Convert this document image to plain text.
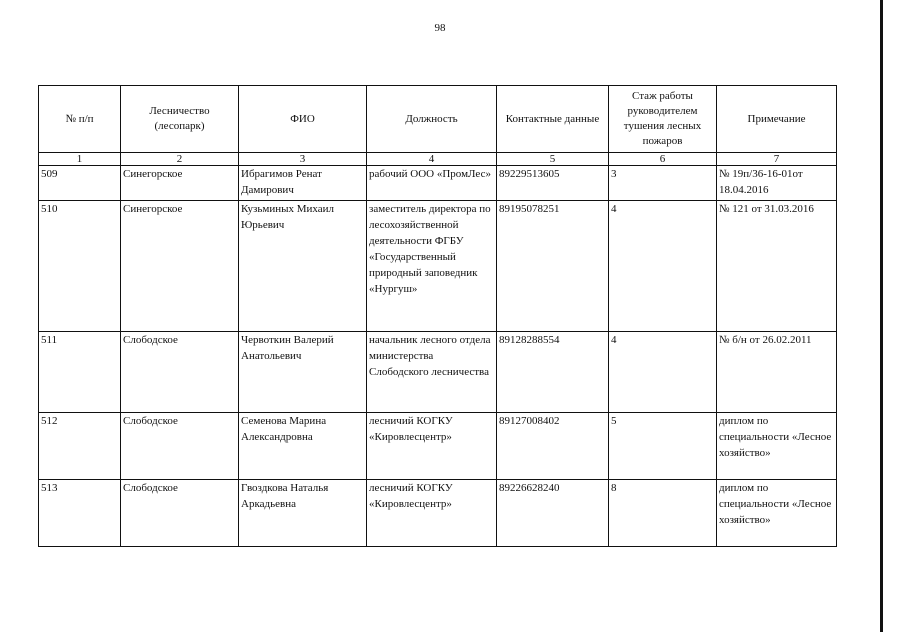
98
№ п/п	Лесничество (лесопарк)	ФИО	Должность	Контактные данные	Стаж работы руководителем тушения лесных пожаров	Примечание
1	2	3	4	5	6	7
509	Синегорское	Ибрагимов Ренат Дамирович	рабочий ООО «ПромЛес»	89229513605	3	№ 19п/36-16-01от 18.04.2016
510	Синегорское	Кузьминых Михаил Юрьевич	заместитель директора по лесохозяйственной деятельности ФГБУ «Государственный природный заповедник «Нургуш»	89195078251	4	№ 121 от 31.03.2016
511	Слободское	Червоткин Валерий Анатольевич	начальник лесного отдела министерства Слободского лесничества	89128288554	4	№ б/н от 26.02.2011
512	Слободское	Семенова Марина Александровна	лесничий КОГКУ «Кировлесцентр»	89127008402	5	диплом по специальности «Лесное хозяйство»
513	Слободское	Гвоздкова Наталья Аркадьевна	лесничий КОГКУ «Кировлесцентр»	89226628240	8	диплом по специальности «Лесное хозяйство»
